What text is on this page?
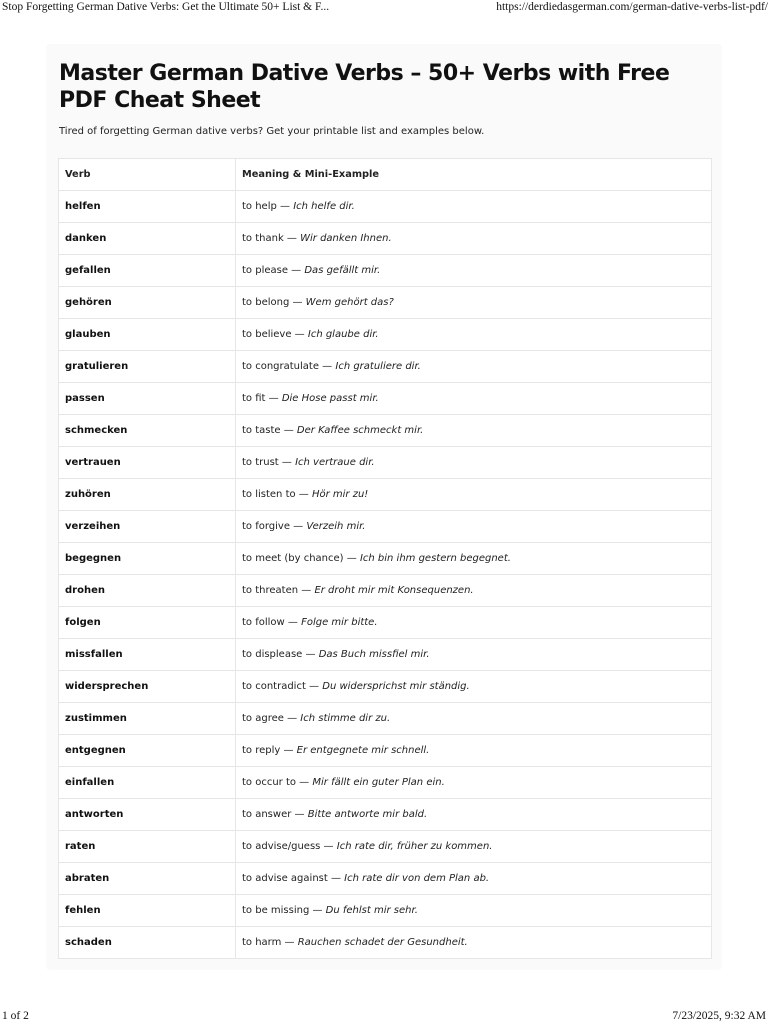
Stop Forgetting German Dative Verbs: Get the Ultimate 50+ List & F...	https://derdiedasgerman.com/german-dative-verbs-list-pdf/
Master German Dative Verbs – 50+ Verbs with Free PDF Cheat Sheet

Tired of forgetting German dative verbs? Get your printable list and examples below.

Verb	Meaning & Mini-Example
helfen	to help — Ich helfe dir.
danken	to thank — Wir danken Ihnen.
gefallen	to please — Das gefällt mir.
gehören	to belong — Wem gehört das?
glauben	to believe — Ich glaube dir.
gratulieren	to congratulate — Ich gratuliere dir.
passen	to fit — Die Hose passt mir.
schmecken	to taste — Der Kaffee schmeckt mir.
vertrauen	to trust — Ich vertraue dir.
zuhören	to listen to — Hör mir zu!
verzeihen	to forgive — Verzeih mir.
begegnen	to meet (by chance) — Ich bin ihm gestern begegnet.
drohen	to threaten — Er droht mir mit Konsequenzen.
folgen	to follow — Folge mir bitte.
missfallen	to displease — Das Buch missfiel mir.
widersprechen	to contradict — Du widersprichst mir ständig.
zustimmen	to agree — Ich stimme dir zu.
entgegnen	to reply — Er entgegnete mir schnell.
einfallen	to occur to — Mir fällt ein guter Plan ein.
antworten	to answer — Bitte antworte mir bald.
raten	to advise/guess — Ich rate dir, früher zu kommen.
abraten	to advise against — Ich rate dir von dem Plan ab.
fehlen	to be missing — Du fehlst mir sehr.
schaden	to harm — Rauchen schadet der Gesundheit.
1 of 2	7/23/2025, 9:32 AM
